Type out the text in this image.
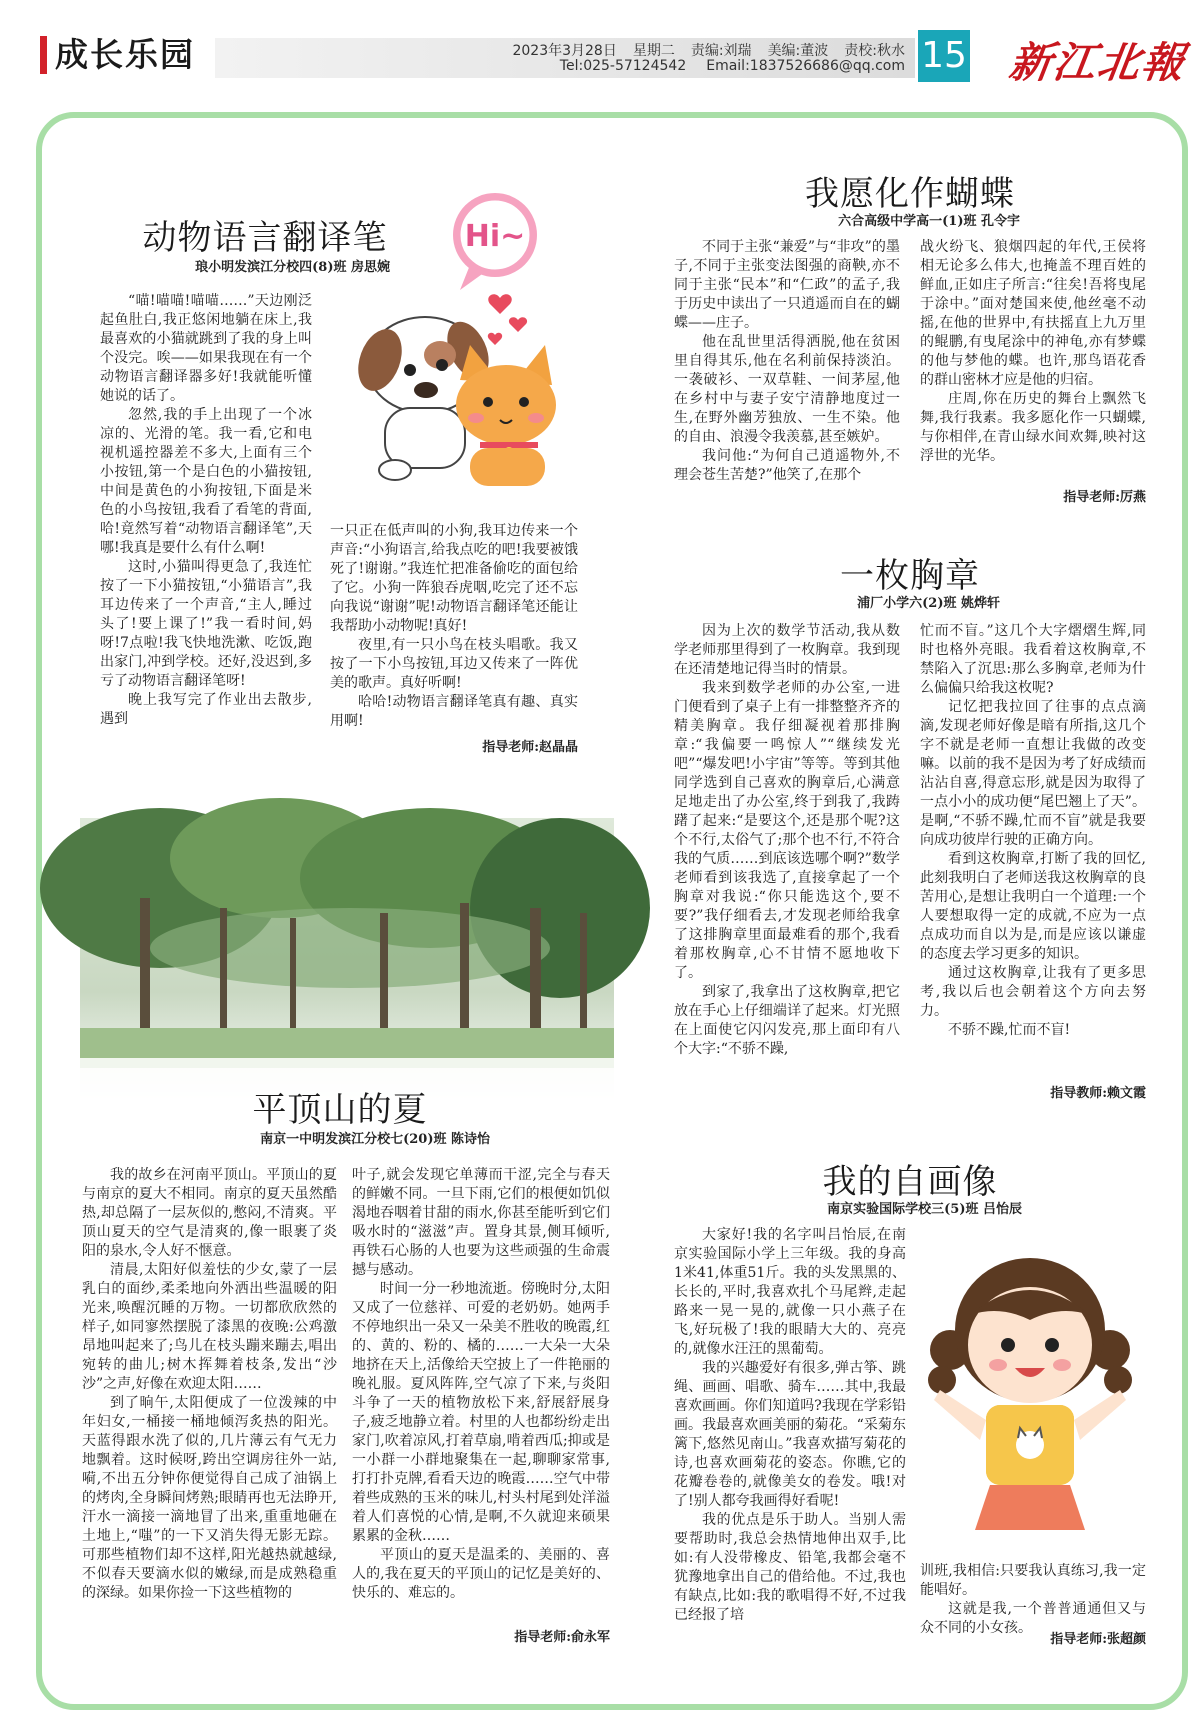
成长乐园	2023年3月28日 星期二 责编:刘瑞 美编:董波 责校:秋水
Tel:025-57124542 Email:1837526686@qq.com 15 新江北報
动物语言翻译笔
琅小明发滨江分校四(8)班 房思婉
Hi~

“喵!喵喵!喵喵……”天边刚泛起鱼肚白,我正悠闲地躺在床上,我最喜欢的小猫就跳到了我的身上叫个没完。唉——如果我现在有一个动物语言翻译器多好!我就能听懂她说的话了。

忽然,我的手上出现了一个冰凉的、光滑的笔。我一看,它和电视机遥控器差不多大,上面有三个小按钮,第一个是白色的小猫按钮,中间是黄色的小狗按钮,下面是米色的小鸟按钮,我看了看笔的背面,哈!竟然写着“动物语言翻译笔”,天哪!我真是要什么有什么啊!

这时,小猫叫得更急了,我连忙按了一下小猫按钮,“小猫语言”,我耳边传来了一个声音,“主人,睡过头了!要上课了!”我一看时间,妈呀!7点啦!我飞快地洗漱、吃饭,跑出家门,冲到学校。还好,没迟到,多亏了动物语言翻译笔呀!

晚上我写完了作业出去散步,遇到

一只正在低声叫的小狗,我耳边传来一个声音:“小狗语言,给我点吃的吧!我要被饿死了!谢谢。”我连忙把准备偷吃的面包给了它。小狗一阵狼吞虎咽,吃完了还不忘向我说“谢谢”呢!动物语言翻译笔还能让我帮助小动物呢!真好!

夜里,有一只小鸟在枝头唱歌。我又按了一下小鸟按钮,耳边又传来了一阵优美的歌声。真好听啊!

哈哈!动物语言翻译笔真有趣、真实用啊!

指导老师:赵晶晶
平顶山的夏
南京一中明发滨江分校七(20)班 陈诗怡

我的故乡在河南平顶山。平顶山的夏与南京的夏大不相同。南京的夏天虽然酷热,却总隔了一层灰似的,憋闷,不清爽。平顶山夏天的空气是清爽的,像一眼裹了炎阳的泉水,令人好不惬意。

清晨,太阳好似羞怯的少女,蒙了一层乳白的面纱,柔柔地向外洒出些温暖的阳光来,唤醒沉睡的万物。一切都欣欣然的样子,如同寥然摆脱了漆黑的夜晚:公鸡激昂地叫起来了;鸟儿在枝头蹦来蹦去,唱出宛转的曲儿;树木挥舞着枝条,发出“沙沙”之声,好像在欢迎太阳……

到了晌午,太阳便成了一位泼辣的中年妇女,一桶接一桶地倾泻炙热的阳光。天蓝得跟水洗了似的,几片薄云有气无力地飘着。这时候呀,跨出空调房往外一站,嗬,不出五分钟你便觉得自己成了油锅上的烤肉,全身瞬间烤熟;眼睛再也无法睁开,汗水一滴接一滴地冒了出来,重重地砸在土地上,“嗤”的一下又消失得无影无踪。可那些植物们却不这样,阳光越热就越绿,不似春天要滴水似的嫩绿,而是成熟稳重的深绿。如果你捡一下这些植物的

叶子,就会发现它单薄而干涩,完全与春天的鲜嫩不同。一旦下雨,它们的根便如饥似渴地吞咽着甘甜的雨水,你甚至能听到它们吸水时的“滋滋”声。置身其景,侧耳倾听,再铁石心肠的人也要为这些顽强的生命震撼与感动。

时间一分一秒地流逝。傍晚时分,太阳又成了一位慈祥、可爱的老奶奶。她两手不停地织出一朵又一朵美不胜收的晚霞,红的、黄的、粉的、橘的……一大朵一大朵地挤在天上,活像给天空披上了一件艳丽的晚礼服。夏风阵阵,空气凉了下来,与炎阳斗争了一天的植物放松下来,舒展舒展身子,疲乏地静立着。村里的人也都纷纷走出家门,吹着凉风,打着草扇,啃着西瓜;抑或是一小群一小群地聚集在一起,聊聊家常事,打打扑克牌,看看天边的晚霞……空气中带着些成熟的玉米的味儿,村头村尾到处洋溢着人们喜悦的心情,是啊,不久就迎来硕果累累的金秋……

平顶山的夏天是温柔的、美丽的、喜人的,我在夏天的平顶山的记忆是美好的、快乐的、难忘的。

指导老师:俞永军
我愿化作蝴蝶
六合高级中学高一(1)班 孔令宇

不同于主张“兼爱”与“非攻”的墨子,不同于主张变法图强的商鞅,亦不同于主张“民本”和“仁政”的孟子,我于历史中读出了一只逍遥而自在的蝴蝶——庄子。

他在乱世里活得洒脱,他在贫困里自得其乐,他在名利前保持淡泊。一袭破衫、一双草鞋、一间茅屋,他在乡村中与妻子安宁清静地度过一生,在野外幽芳独放、一生不染。他的自由、浪漫令我羡慕,甚至嫉妒。

我问他:“为何自己逍遥物外,不理会苍生苦楚?”他笑了,在那个

战火纷飞、狼烟四起的年代,王侯将相无论多么伟大,也掩盖不理百姓的鲜血,正如庄子所言:“往矣!吾将曳尾于涂中。”面对楚国来使,他丝毫不动摇,在他的世界中,有扶摇直上九万里的鲲鹏,有曳尾涂中的神龟,亦有梦蝶的他与梦他的蝶。也许,那鸟语花香的群山密林才应是他的归宿。

庄周,你在历史的舞台上飘然飞舞,我行我素。我多愿化作一只蝴蝶,与你相伴,在青山绿水间欢舞,映衬这浮世的光华。

指导老师:厉燕
一枚胸章
浦厂小学六(2)班 姚烨轩

因为上次的数学节活动,我从数学老师那里得到了一枚胸章。我到现在还清楚地记得当时的情景。

我来到数学老师的办公室,一进门便看到了桌子上有一排整整齐齐的精美胸章。我仔细凝视着那排胸章:“我偏要一鸣惊人”“继续发光吧”“爆发吧!小宇宙”等等。等到其他同学选到自己喜欢的胸章后,心满意足地走出了办公室,终于到我了,我踌躇了起来:“是要这个,还是那个呢?这个不行,太俗气了;那个也不行,不符合我的气质……到底该选哪个啊?”数学老师看到该我选了,直接拿起了一个胸章对我说:“你只能选这个,要不要?”我仔细看去,才发现老师给我拿了这排胸章里面最难看的那个,我看着那枚胸章,心不甘情不愿地收下了。

到家了,我拿出了这枚胸章,把它放在手心上仔细端详了起来。灯光照在上面使它闪闪发亮,那上面印有八个大字:“不骄不躁,

忙而不盲。”这几个大字熠熠生辉,同时也格外亮眼。我看着这枚胸章,不禁陷入了沉思:那么多胸章,老师为什么偏偏只给我这枚呢?

记忆把我拉回了往事的点点滴滴,发现老师好像是暗有所指,这几个字不就是老师一直想让我做的改变嘛。以前的我不是因为考了好成绩而沾沾自喜,得意忘形,就是因为取得了一点小小的成功便“尾巴翘上了天”。是啊,“不骄不躁,忙而不盲”就是我要向成功彼岸行驶的正确方向。

看到这枚胸章,打断了我的回忆,此刻我明白了老师送我这枚胸章的良苦用心,是想让我明白一个道理:一个人要想取得一定的成就,不应为一点点成功而自以为是,而是应该以谦虚的态度去学习更多的知识。

通过这枚胸章,让我有了更多思考,我以后也会朝着这个方向去努力。

不骄不躁,忙而不盲!

指导教师:赖文霞
我的自画像
南京实验国际学校三(5)班 吕怡辰

大家好!我的名字叫吕怡辰,在南京实验国际小学上三年级。我的身高1米41,体重51斤。我的头发黑黑的、长长的,平时,我喜欢扎个马尾辫,走起路来一晃一晃的,就像一只小燕子在飞,好玩极了!我的眼睛大大的、亮亮的,就像水汪汪的黑葡萄。

我的兴趣爱好有很多,弹古筝、跳绳、画画、唱歌、骑车……其中,我最喜欢画画。你们知道吗?我现在学彩铅画。我最喜欢画美丽的菊花。“采菊东篱下,悠然见南山。”我喜欢描写菊花的诗,也喜欢画菊花的姿态。你瞧,它的花瓣卷卷的,就像美女的卷发。哦!对了!别人都夸我画得好看呢!

我的优点是乐于助人。当别人需要帮助时,我总会热情地伸出双手,比如:有人没带橡皮、铅笔,我都会毫不犹豫地拿出自己的借给他。不过,我也有缺点,比如:我的歌唱得不好,不过我已经报了培

训班,我相信:只要我认真练习,我一定能唱好。

这就是我,一个普普通通但又与众不同的小女孩。

指导老师:张超颜
